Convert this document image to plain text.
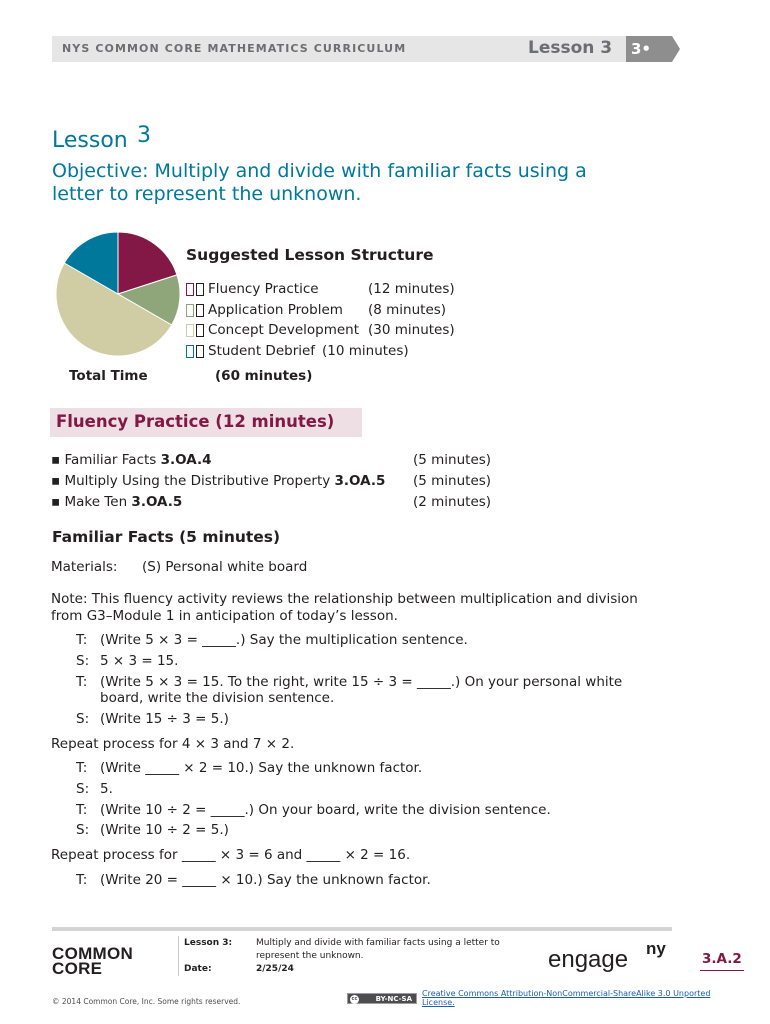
NYS COMMON CORE MATHEMATICS CURRICULUM	Lesson 3	3•
Lesson 3
Objective: Multiply and divide with familiar facts using a
letter to represent the unknown.
Suggested Lesson Structure
Fluency Practice	(12 minutes)
Application Problem (8 minutes)
Concept Development (30 minutes)
Student Debrief (10 minutes)
Total Time	(60 minutes)
Fluency Practice (12 minutes)
▪ Familiar Facts 3.OA.4	(5 minutes)
▪ Multiply Using the Distributive Property 3.OA.5 (5 minutes)
▪ Make Ten 3.OA.5	(2 minutes)
Familiar Facts (5 minutes)
Materials: (S) Personal white board
Note: This fluency activity reviews the relationship between multiplication and division
from G3–Module 1 in anticipation of today’s lesson.
T: (Write 5 × 3 = _____.) Say the multiplication sentence.
S: 5 × 3 = 15.
T: (Write 5 × 3 = 15. To the right, write 15 ÷ 3 = _____.) On your personal white
board, write the division sentence.
S: (Write 15 ÷ 3 = 5.)
Repeat process for 4 × 3 and 7 × 2.
T: (Write _____ × 2 = 10.) Say the unknown factor.
S: 5.
T: (Write 10 ÷ 2 = _____.) On your board, write the division sentence.
S: (Write 10 ÷ 2 = 5.)
Repeat process for _____ × 3 = 6 and _____ × 2 = 16.
T: (Write 20 = _____ × 10.) Say the unknown factor.
COMMON
CORE
Lesson 3:	Multiply and divide with familiar facts using a letter to
represent the unknown.
Date:	2/25/24	engage ny
3.A.2
© 2014 Common Core, Inc. Some rights reserved.	cc	BY-NC-SA
Creative Commons Attribution-NonCommercial-ShareAlike 3.0 Unported
License.
